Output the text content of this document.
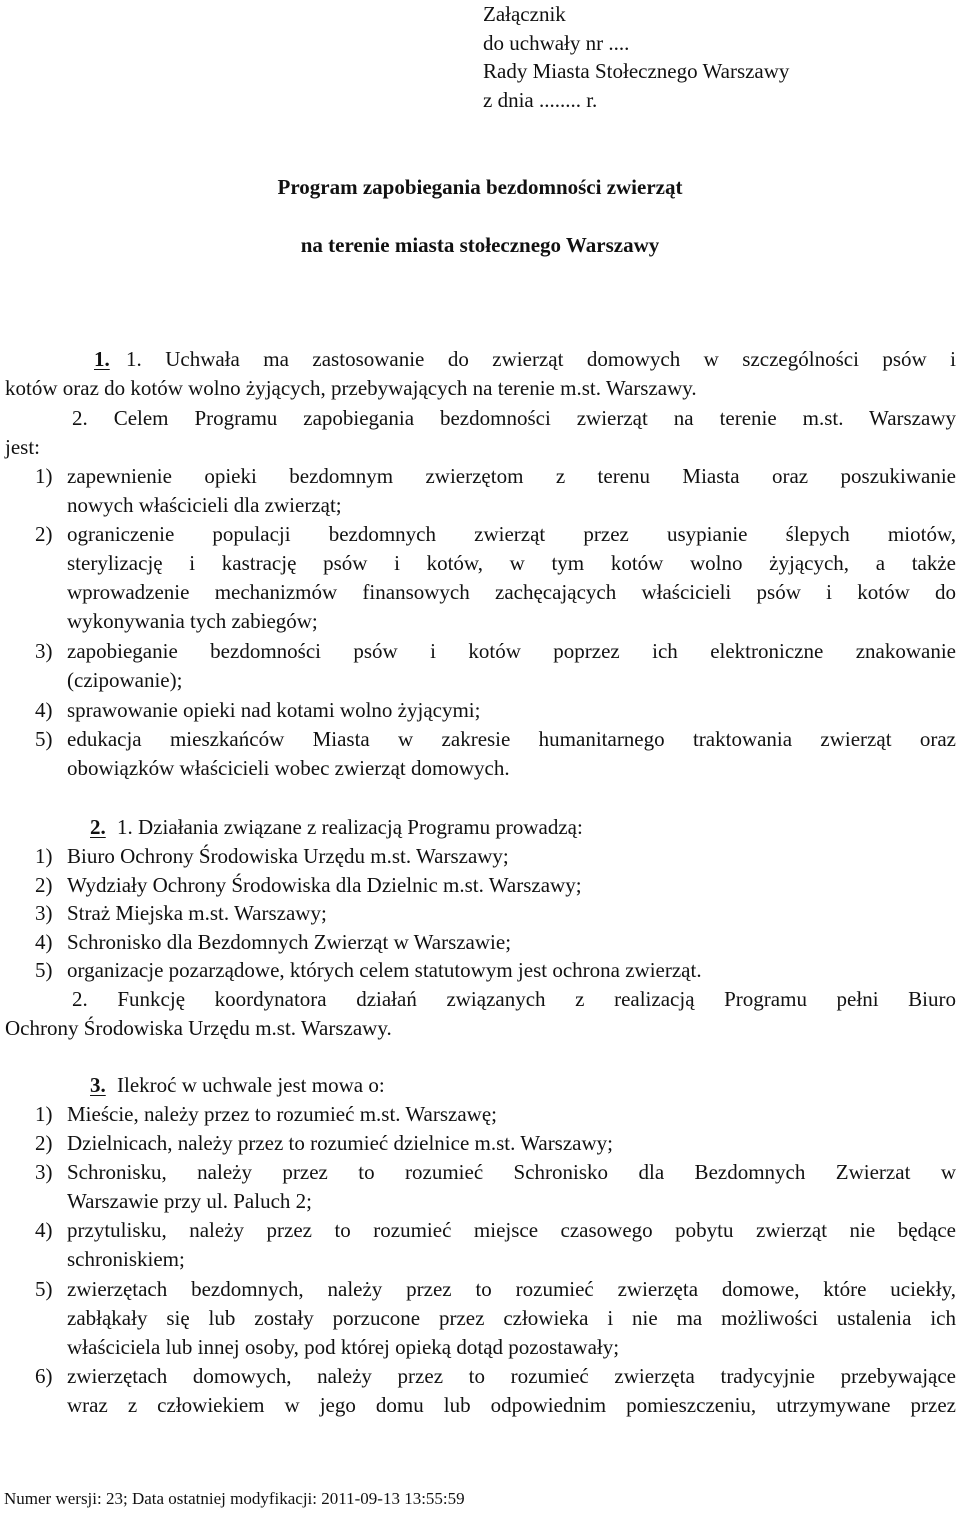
Załącznik
do uchwały nr ....
Rady Miasta Stołecznego Warszawy
z dnia ........ r.
Program zapobiegania bezdomności zwierząt
na terenie miasta stołecznego Warszawy
1. 1. Uchwała ma zastosowanie do zwierząt domowych w szczególności psów i
kotów oraz do kotów wolno żyjących, przebywających na terenie m.st. Warszawy.
2. Celem Programu zapobiegania bezdomności zwierząt na terenie m.st. Warszawy
jest:
1) zapewnienie opieki bezdomnym zwierzętom z terenu Miasta oraz poszukiwanie
nowych właścicieli dla zwierząt;
2) ograniczenie populacji bezdomnych zwierząt przez usypianie ślepych miotów,
sterylizację i kastrację psów i kotów, w tym kotów wolno żyjących, a także
wprowadzenie mechanizmów finansowych zachęcających właścicieli psów i kotów do
wykonywania tych zabiegów;
3) zapobieganie bezdomności psów i kotów poprzez ich elektroniczne znakowanie
(czipowanie);
4) sprawowanie opieki nad kotami wolno żyjącymi;
5) edukacja mieszkańców Miasta w zakresie humanitarnego traktowania zwierząt oraz
obowiązków właścicieli wobec zwierząt domowych.
2. 1. Działania związane z realizacją Programu prowadzą:
1) Biuro Ochrony Środowiska Urzędu m.st. Warszawy;
2) Wydziały Ochrony Środowiska dla Dzielnic m.st. Warszawy;
3) Straż Miejska m.st. Warszawy;
4) Schronisko dla Bezdomnych Zwierząt w Warszawie;
5) organizacje pozarządowe, których celem statutowym jest ochrona zwierząt.
2. Funkcję koordynatora działań związanych z realizacją Programu pełni Biuro
Ochrony Środowiska Urzędu m.st. Warszawy.
3. Ilekroć w uchwale jest mowa o:
1) Mieście, należy przez to rozumieć m.st. Warszawę;
2) Dzielnicach, należy przez to rozumieć dzielnice m.st. Warszawy;
3) Schronisku, należy przez to rozumieć Schronisko dla Bezdomnych Zwierzat w
Warszawie przy ul. Paluch 2;
4) przytulisku, należy przez to rozumieć miejsce czasowego pobytu zwierząt nie będące
schroniskiem;
5) zwierzętach bezdomnych, należy przez to rozumieć zwierzęta domowe, które uciekły,
zabłąkały się lub zostały porzucone przez człowieka i nie ma możliwości ustalenia ich
właściciela lub innej osoby, pod której opieką dotąd pozostawały;
6) zwierzętach domowych, należy przez to rozumieć zwierzęta tradycyjnie przebywające
wraz z człowiekiem w jego domu lub odpowiednim pomieszczeniu, utrzymywane przez
Numer wersji: 23; Data ostatniej modyfikacji: 2011-09-13 13:55:59
